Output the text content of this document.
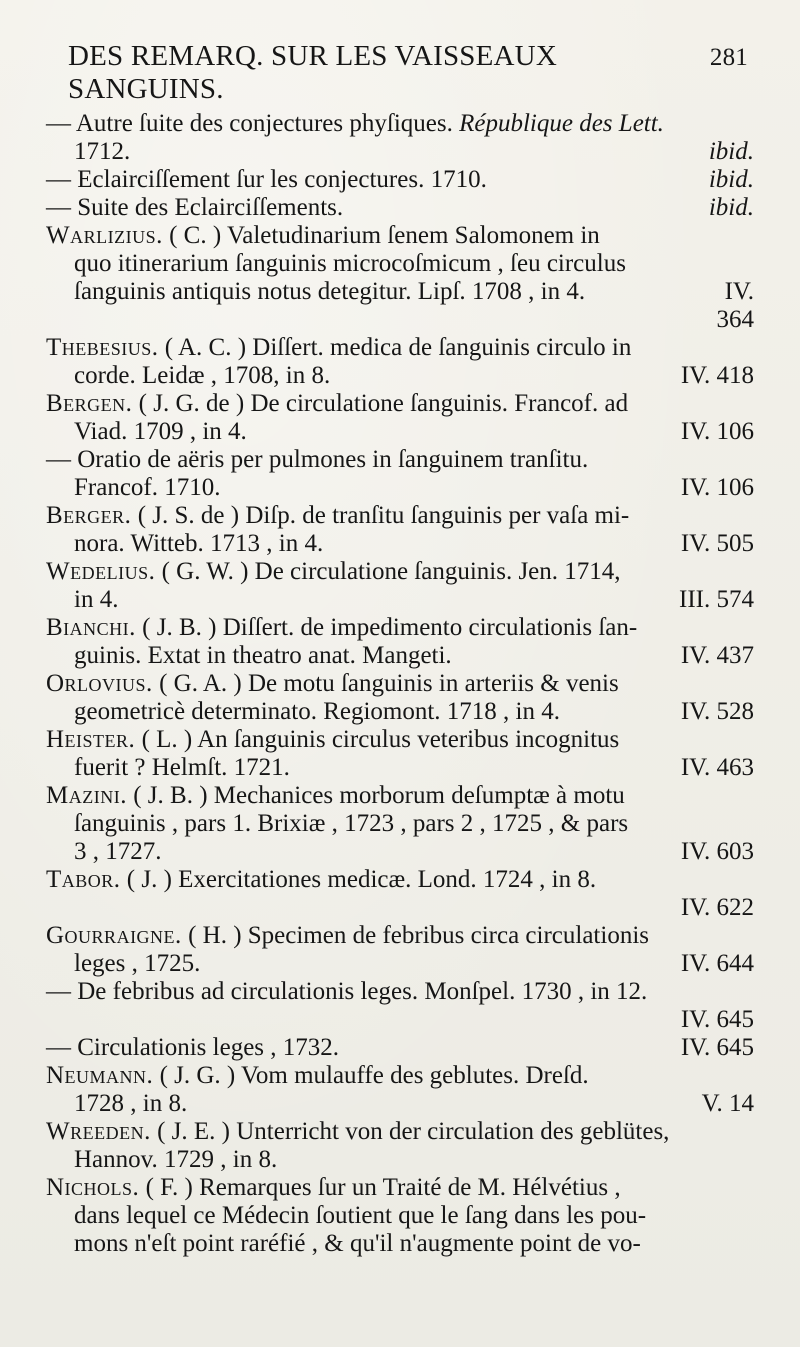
DES REMARQ. SUR LES VAISSEAUX SANGUINS.
281
— Autre ſuite des conjectures phyſiques. République des Lett.
1712.	ibid.
— Eclairciſſement ſur les conjectures. 1710.	ibid.
— Suite des Eclairciſſements.	ibid.
Warlizius. ( C. ) Valetudinarium ſenem Salomonem in
quo itinerarium ſanguinis microcoſmicum , ſeu circulus
ſanguinis antiquis notus detegitur. Lipſ. 1708 , in 4.	IV.
364
Thebesius. ( A. C. ) Diſſert. medica de ſanguinis circulo in
corde. Leidæ , 1708, in 8.	IV. 418
Bergen. ( J. G. de ) De circulatione ſanguinis. Francof. ad
Viad. 1709 , in 4.	IV. 106
— Oratio de aëris per pulmones in ſanguinem tranſitu.
Francof. 1710.	IV. 106
Berger. ( J. S. de ) Diſp. de tranſitu ſanguinis per vaſa mi-
nora. Witteb. 1713 , in 4.	IV. 505
Wedelius. ( G. W. ) De circulatione ſanguinis. Jen. 1714,
in 4.	III. 574
Bianchi. ( J. B. ) Diſſert. de impedimento circulationis ſan-
guinis. Extat in theatro anat. Mangeti.	IV. 437
Orlovius. ( G. A. ) De motu ſanguinis in arteriis & venis
geometricè determinato. Regiomont. 1718 , in 4.	IV. 528
Heister. ( L. ) An ſanguinis circulus veteribus incognitus
fuerit ? Helmſt. 1721.	IV. 463
Mazini. ( J. B. ) Mechanices morborum deſumptæ à motu
ſanguinis , pars 1. Brixiæ , 1723 , pars 2 , 1725 , & pars
3 , 1727.	IV. 603
Tabor. ( J. ) Exercitationes medicæ. Lond. 1724 , in 8.
IV. 622
Gourraigne. ( H. ) Specimen de febribus circa circulationis
leges , 1725.	IV. 644
— De febribus ad circulationis leges. Monſpel. 1730 , in 12.
IV. 645
— Circulationis leges , 1732.	IV. 645
Neumann. ( J. G. ) Vom mulauffe des geblutes. Dreſd.
1728 , in 8.	V. 14
Wreeden. ( J. E. ) Unterricht von der circulation des geblütes,
Hannov. 1729 , in 8.
Nichols. ( F. ) Remarques ſur un Traité de M. Hélvétius ,
dans lequel ce Médecin ſoutient que le ſang dans les pou-
mons n'eſt point raréfié , & qu'il n'augmente point de vo-
